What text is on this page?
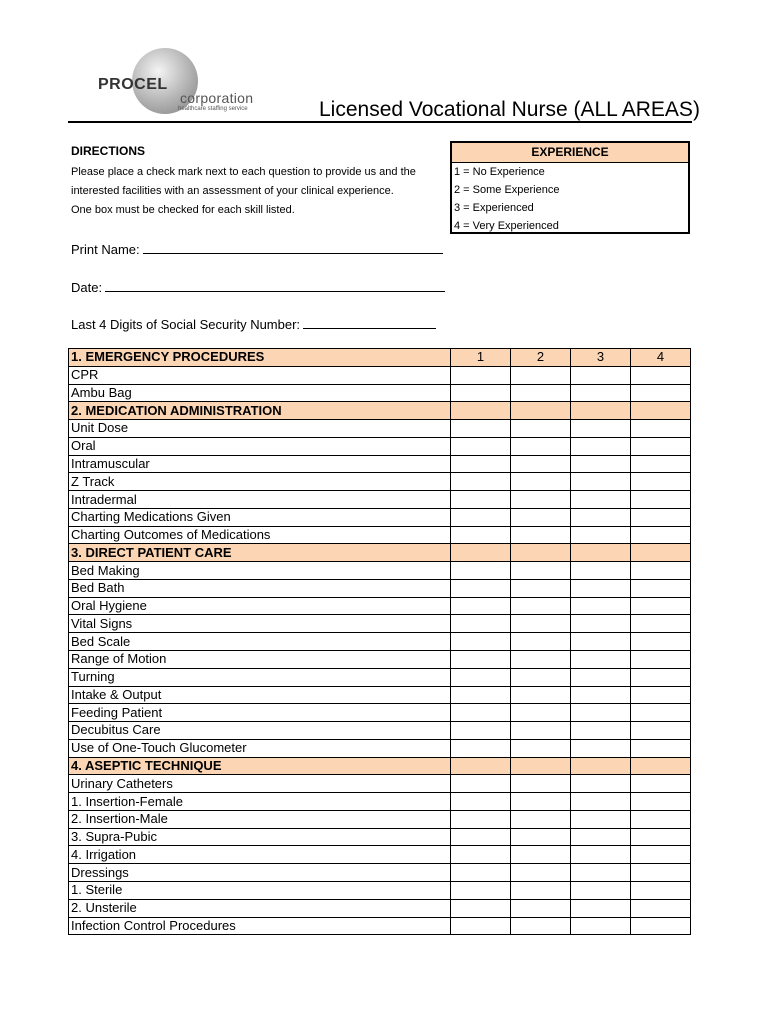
PROCEL
corporation
healthcare staffing service	Licensed Vocational Nurse (ALL AREAS)
DIRECTIONS
Please place a check mark next to each question to provide us and the
interested facilities with an assessment of your clinical experience.
One box must be checked for each skill listed.
EXPERIENCE
1 = No Experience
2 = Some Experience
3 = Experienced
4 = Very Experienced
Print Name:
Date:
Last 4 Digits of Social Security Number:
1. EMERGENCY PROCEDURES	1	2	3	4
CPR				
Ambu Bag				
2. MEDICATION ADMINISTRATION				
Unit Dose				
Oral				
Intramuscular				
Z Track				
Intradermal				
Charting Medications Given				
Charting Outcomes of Medications				
3. DIRECT PATIENT CARE				
Bed Making				
Bed Bath				
Oral Hygiene				
Vital Signs				
Bed Scale				
Range of Motion				
Turning				
Intake & Output				
Feeding Patient				
Decubitus Care				
Use of One-Touch Glucometer				
4. ASEPTIC TECHNIQUE				
Urinary Catheters				
1. Insertion-Female				
2. Insertion-Male				
3. Supra-Pubic				
4. Irrigation				
Dressings				
1. Sterile				
2. Unsterile				
Infection Control Procedures				
